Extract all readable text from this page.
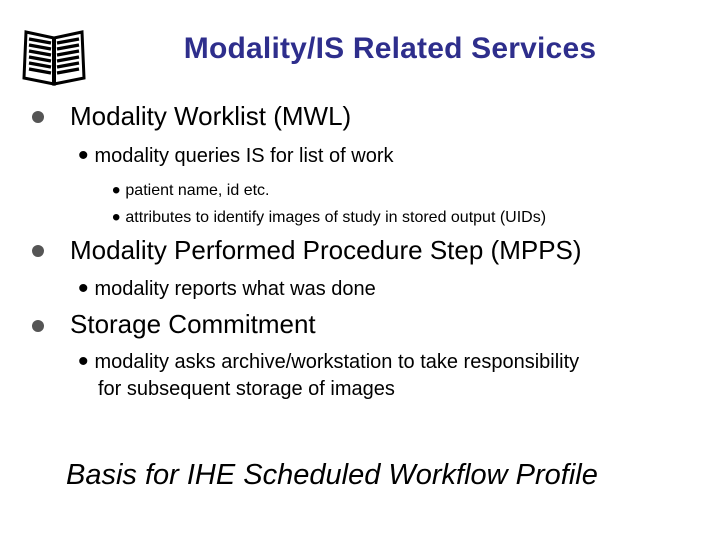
Modality/IS Related Services
Modality Worklist (MWL)
• modality queries IS for list of work
• patient name, id etc.
• attributes to identify images of study in stored output (UIDs)
Modality Performed Procedure Step (MPPS)
• modality reports what was done
Storage Commitment
• modality asks archive/workstation to take responsibility
for subsequent storage of images
Basis for IHE Scheduled Workflow Profile
